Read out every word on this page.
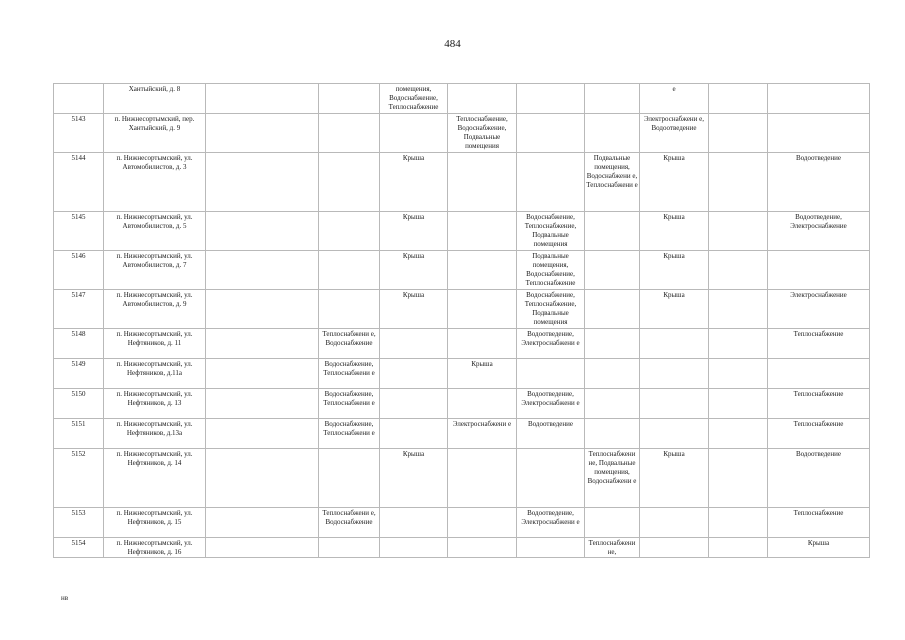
484
	Хантыйский, д. 8			помещения, Водоснабжение, Теплоснабжение				е		
5143	п. Нижнесортымский, пер. Хантыйский, д. 9				Теплоснабжение, Водоснабжение, Подвальные помещения			Электроснабжени е, Водоотведение		
5144	п. Нижнесортымский, ул. Автомобилистов, д. 3			Крыша			Подвальные помещения, Водоснабжени е, Теплоснабжени е	Крыша		Водоотведение
5145	п. Нижнесортымский, ул. Автомобилистов, д. 5			Крыша		Водоснабжение, Теплоснабжение, Подвальные помещения		Крыша		Водоотведение, Электроснабжение
5146	п. Нижнесортымский, ул. Автомобилистов, д. 7			Крыша		Подвальные помещения, Водоснабжение, Теплоснабжение		Крыша		
5147	п. Нижнесортымский, ул. Автомобилистов, д. 9			Крыша		Водоснабжение, Теплоснабжение, Подвальные помещения		Крыша		Электроснабжение
5148	п. Нижнесортымский, ул. Нефтяников, д. 11		Теплоснабжени е, Водоснабжение			Водоотведение, Электроснабжени е				Теплоснабжение
5149	п. Нижнесортымский, ул. Нефтяников, д.11а		Водоснабжение, Теплоснабжени е		Крыша					
5150	п. Нижнесортымский, ул. Нефтяников, д. 13		Водоснабжение, Теплоснабжени е			Водоотведение, Электроснабжени е				Теплоснабжение
5151	п. Нижнесортымский, ул. Нефтяников, д.13а		Водоснабжение, Теплоснабжени е		Электроснабжени е	Водоотведение				Теплоснабжение
5152	п. Нижнесортымский, ул. Нефтяников, д. 14			Крыша			Теплоснабжени не, Подвальные помещения, Водоснабжени е	Крыша		Водоотведение
5153	п. Нижнесортымский, ул. Нефтяников, д. 15		Теплоснабжени е, Водоснабжение			Водоотведение, Электроснабжени е				Теплоснабжение
5154	п. Нижнесортымский, ул. Нефтяников, д. 16						Теплоснабжени не,			Крыша
нв
